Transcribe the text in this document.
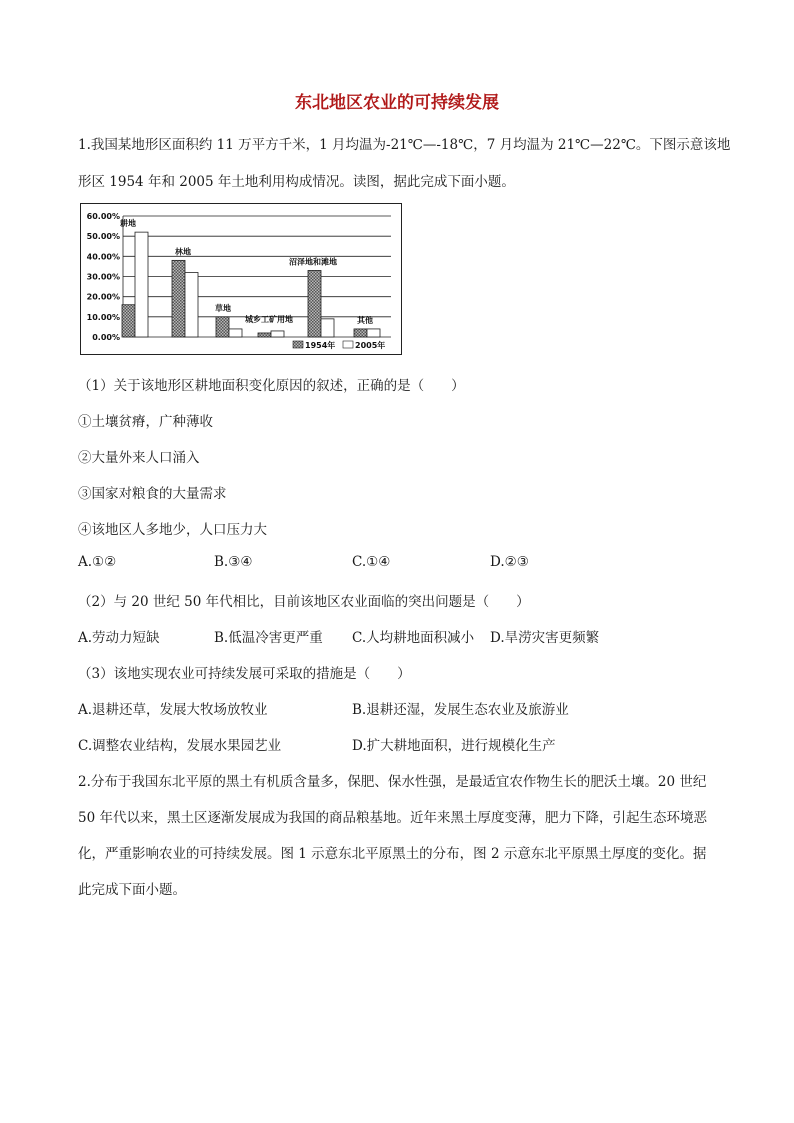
东北地区农业的可持续发展
1.我国某地形区面积约 11 万平方千米，1 月均温为-21℃—-18℃，7 月均温为 21℃—22℃。下图示意该地
形区 1954 年和 2005 年土地利用构成情况。读图，据此完成下面小题。
0.00%
10.00%
20.00%
30.00%
40.00%
50.00%
60.00%
耕地
林地
草地
城乡工矿用地
沼泽地和滩地
其他
1954年 2005年
（1）关于该地形区耕地面积变化原因的叙述，正确的是（　　）
①土壤贫瘠，广种薄收
②大量外来人口涌入
③国家对粮食的大量需求
④该地区人多地少，人口压力大
A.①②	B.③④	C.①④	D.②③
（2）与 20 世纪 50 年代相比，目前该地区农业面临的突出问题是（　　）
A.劳动力短缺	B.低温冷害更严重 C.人均耕地面积减小 D.旱涝灾害更频繁
（3）该地实现农业可持续发展可采取的措施是（　　）
A.退耕还草，发展大牧场放牧业	B.退耕还湿，发展生态农业及旅游业
C.调整农业结构，发展水果园艺业	D.扩大耕地面积，进行规模化生产
2.分布于我国东北平原的黑土有机质含量多，保肥、保水性强，是最适宜农作物生长的肥沃土壤。20 世纪
50 年代以来，黑土区逐渐发展成为我国的商品粮基地。近年来黑土厚度变薄，肥力下降，引起生态环境恶
化，严重影响农业的可持续发展。图 1 示意东北平原黑土的分布，图 2 示意东北平原黑土厚度的变化。据
此完成下面小题。
